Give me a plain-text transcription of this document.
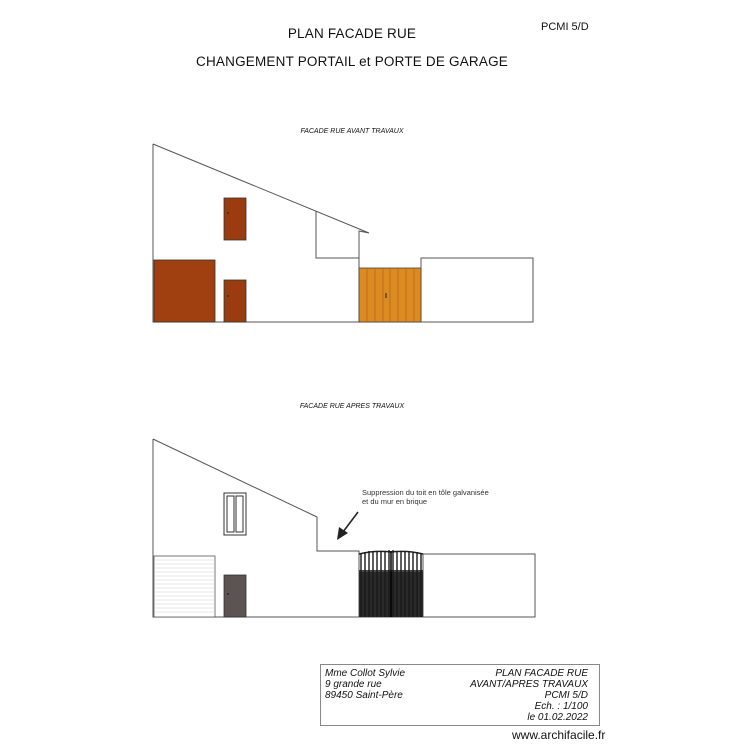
PLAN FACADE RUE
CHANGEMENT PORTAIL et PORTE DE GARAGE
PCMI 5/D
FACADE RUE AVANT TRAVAUX
FACADE RUE APRES TRAVAUX
Suppression du toit en tôle galvanisée
et du mur en brique
Mme Collot Sylvie
9 grande rue
89450 Saint-Père
PLAN FACADE RUE
AVANT/APRES TRAVAUX
PCMI 5/D
Ech. : 1/100
le 01.02.2022
www.archifacile.fr
